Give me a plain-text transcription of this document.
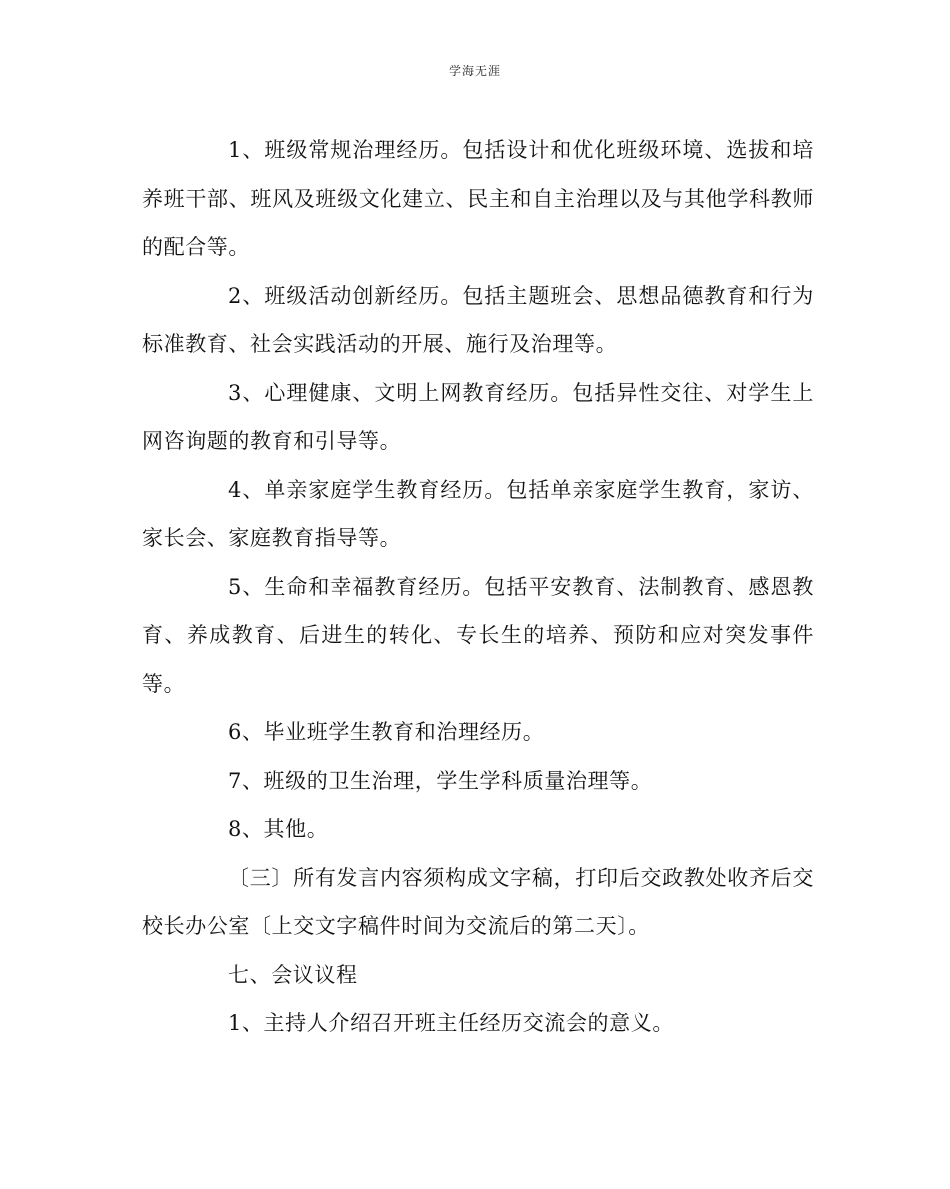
学海无涯

1、班级常规治理经历。包括设计和优化班级环境、选拔和培养班干部、班风及班级文化建立、民主和自主治理以及与其他学科教师的配合等。

2、班级活动创新经历。包括主题班会、思想品德教育和行为标准教育、社会实践活动的开展、施行及治理等。

3、心理健康、文明上网教育经历。包括异性交往、对学生上网咨询题的教育和引导等。

4、单亲家庭学生教育经历。包括单亲家庭学生教育，家访、家长会、家庭教育指导等。

5、生命和幸福教育经历。包括平安教育、法制教育、感恩教育、养成教育、后进生的转化、专长生的培养、预防和应对突发事件等。

6、毕业班学生教育和治理经历。

7、班级的卫生治理，学生学科质量治理等。

8、其他。

〔三〕所有发言内容须构成文字稿，打印后交政教处收齐后交校长办公室〔上交文字稿件时间为交流后的第二天〕。

七、会议议程

1、主持人介绍召开班主任经历交流会的意义。
